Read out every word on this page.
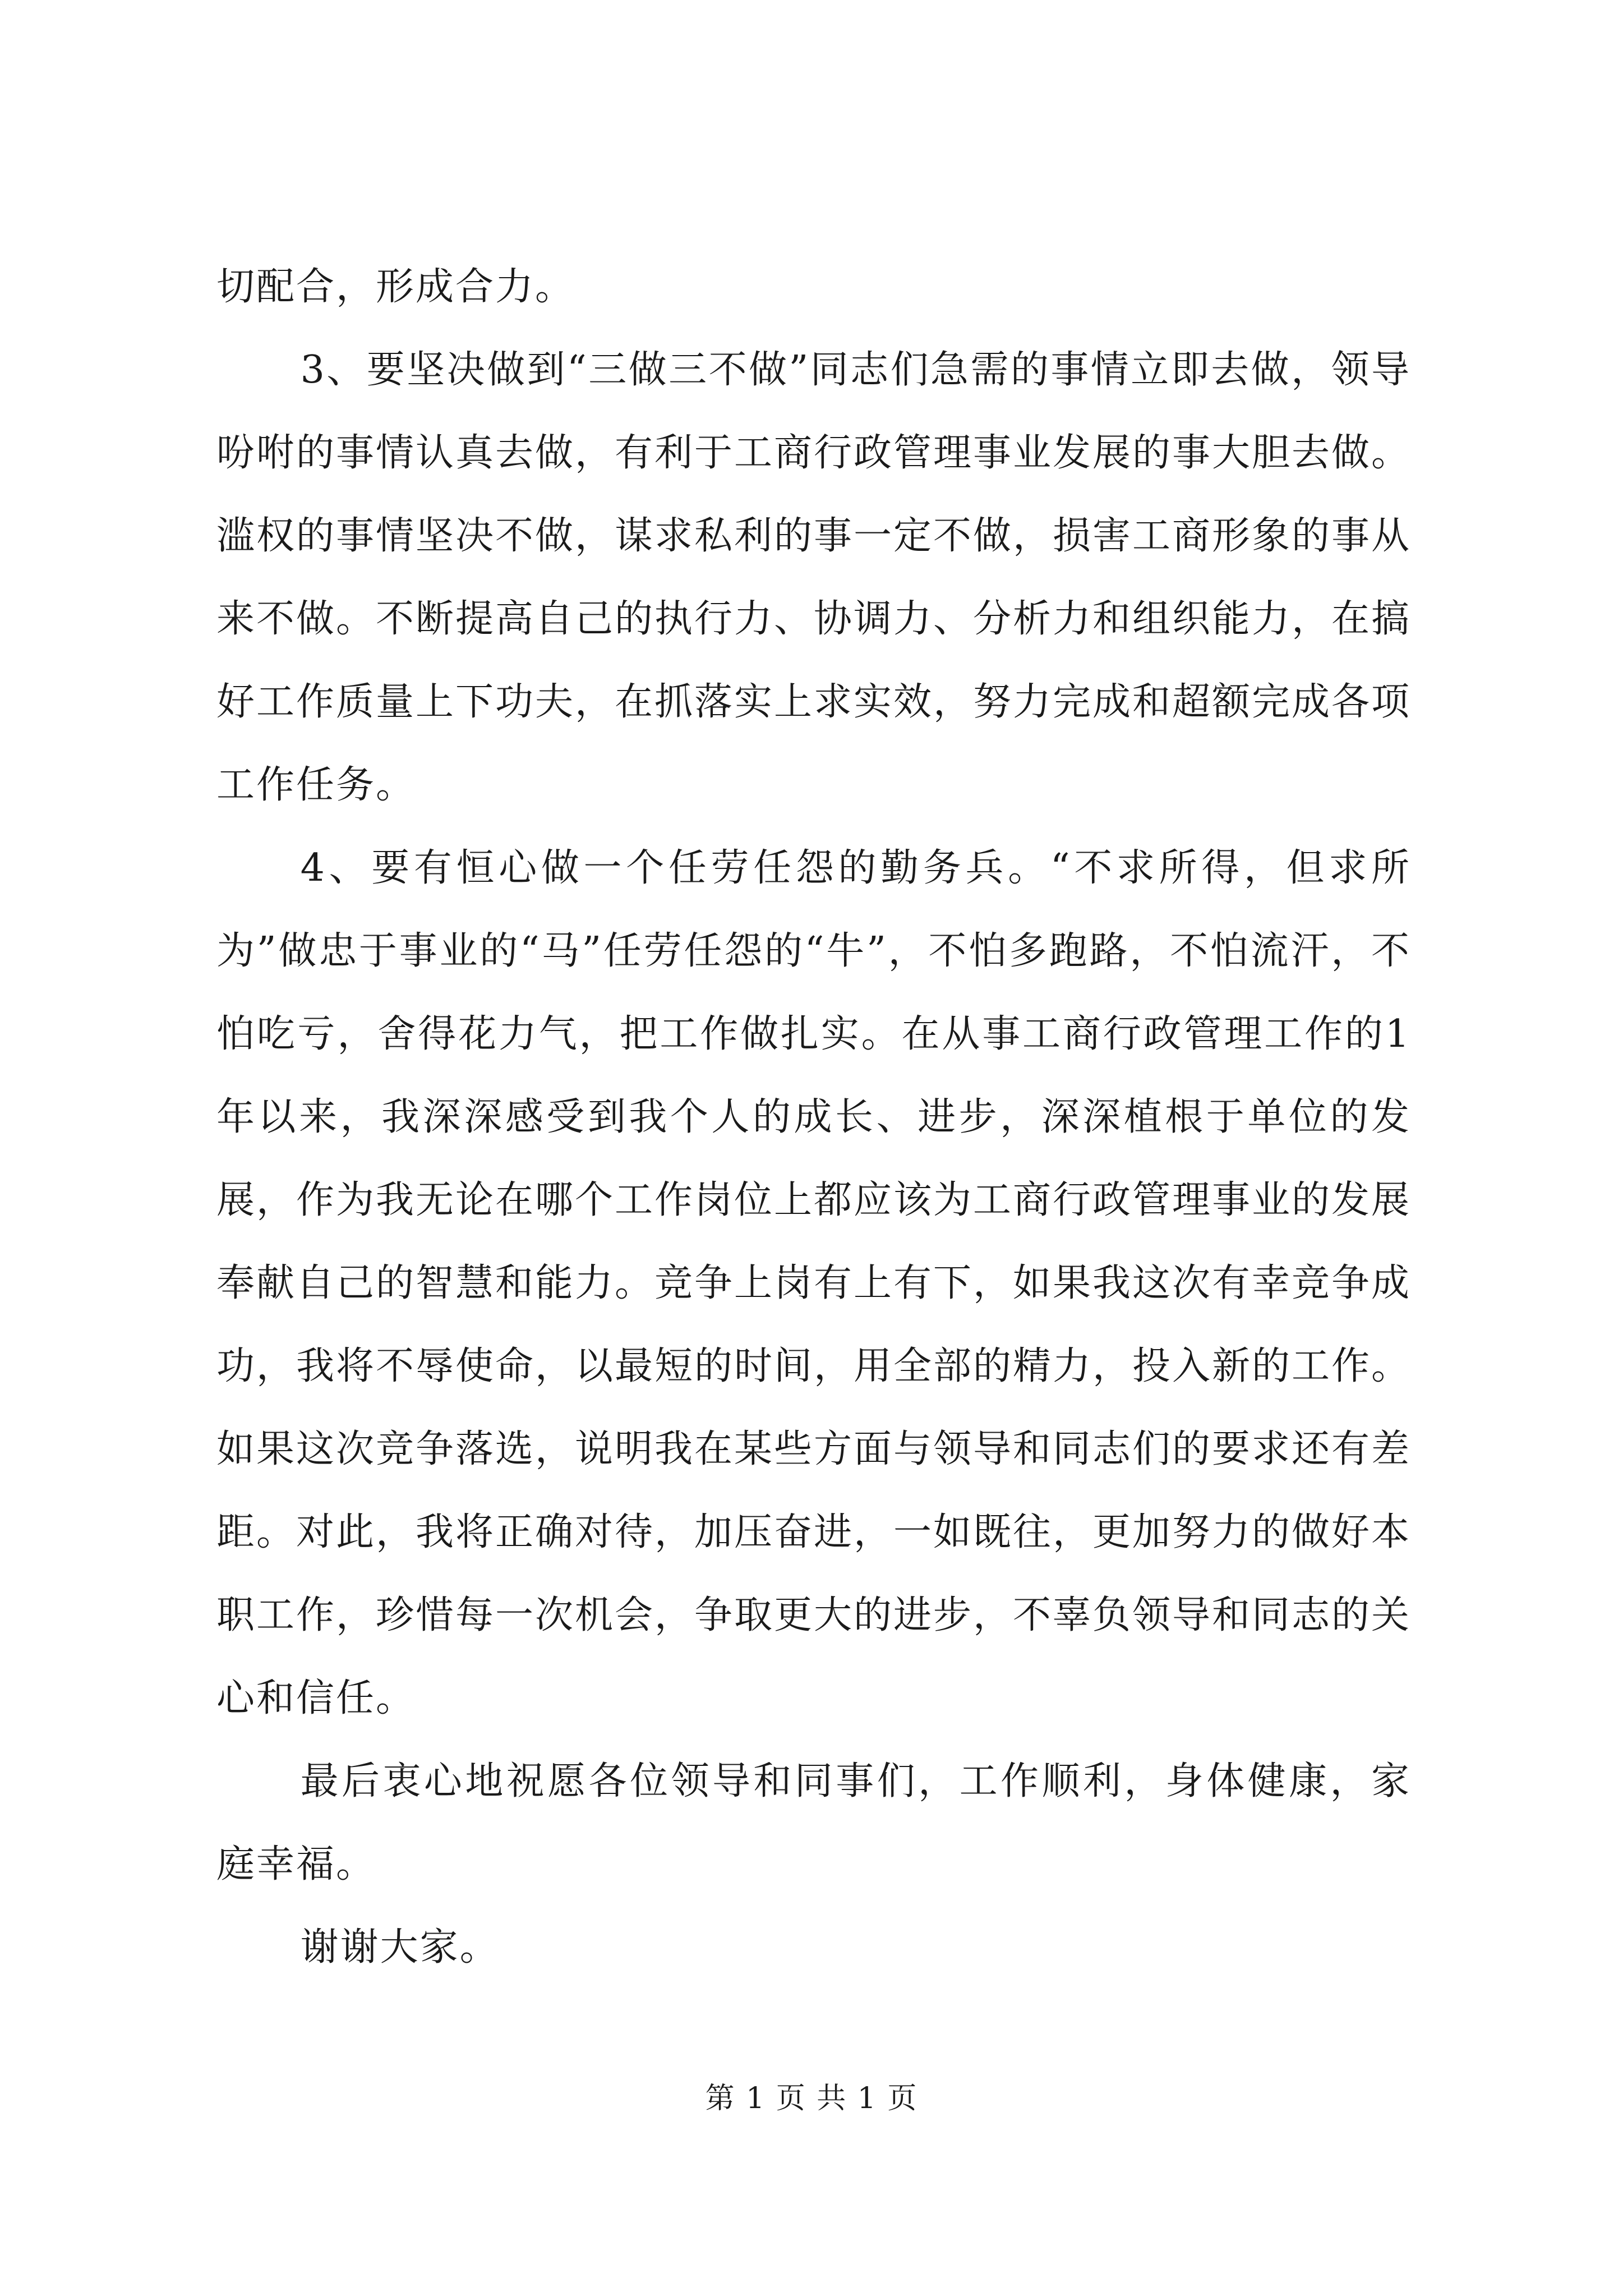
切配合，形成合力。

3、要坚决做到“三做三不做”同志们急需的事情立即去做，领导吩咐的事情认真去做，有利于工商行政管理事业发展的事大胆去做。滥权的事情坚决不做，谋求私利的事一定不做，损害工商形象的事从来不做。不断提高自己的执行力、协调力、分析力和组织能力，在搞好工作质量上下功夫，在抓落实上求实效，努力完成和超额完成各项工作任务。

4、要有恒心做一个任劳任怨的勤务兵。“不求所得，但求所为”做忠于事业的“马”任劳任怨的“牛”，不怕多跑路，不怕流汗，不怕吃亏，舍得花力气，把工作做扎实。在从事工商行政管理工作的1年以来，我深深感受到我个人的成长、进步，深深植根于单位的发展，作为我无论在哪个工作岗位上都应该为工商行政管理事业的发展奉献自己的智慧和能力。竞争上岗有上有下，如果我这次有幸竞争成功，我将不辱使命，以最短的时间，用全部的精力，投入新的工作。如果这次竞争落选，说明我在某些方面与领导和同志们的要求还有差距。对此，我将正确对待，加压奋进，一如既往，更加努力的做好本职工作，珍惜每一次机会，争取更大的进步，不辜负领导和同志的关心和信任。

最后衷心地祝愿各位领导和同事们，工作顺利，身体健康，家庭幸福。

谢谢大家。

第 1 页 共 1 页
